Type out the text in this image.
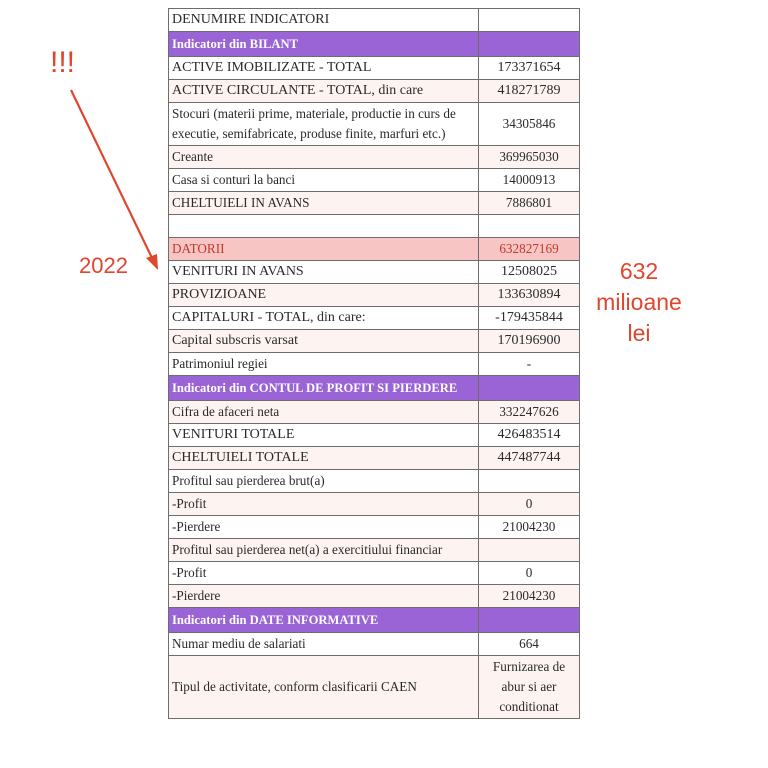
DENUMIRE INDICATORI	
Indicatori din BILANT	
ACTIVE IMOBILIZATE - TOTAL	173371654
ACTIVE CIRCULANTE - TOTAL, din care	418271789
Stocuri (materii prime, materiale, productie in curs de executie, semifabricate, produse finite, marfuri etc.)	34305846
Creante	369965030
Casa si conturi la banci	14000913
CHELTUIELI IN AVANS	7886801

DATORII	632827169
VENITURI IN AVANS	12508025
PROVIZIOANE	133630894
CAPITALURI - TOTAL, din care:	-179435844
Capital subscris varsat	170196900
Patrimoniul regiei	-
Indicatori din CONTUL DE PROFIT SI PIERDERE	
Cifra de afaceri neta	332247626
VENITURI TOTALE	426483514
CHELTUIELI TOTALE	447487744
Profitul sau pierderea brut(a)	
-Profit	0
-Pierdere	21004230
Profitul sau pierderea net(a) a exercitiului financiar	
-Profit	0
-Pierdere	21004230
Indicatori din DATE INFORMATIVE	
Numar mediu de salariati	664
Tipul de activitate, conform clasificarii CAEN	Furnizarea de abur si aer conditionat
!!!
2022	632 milioane lei
